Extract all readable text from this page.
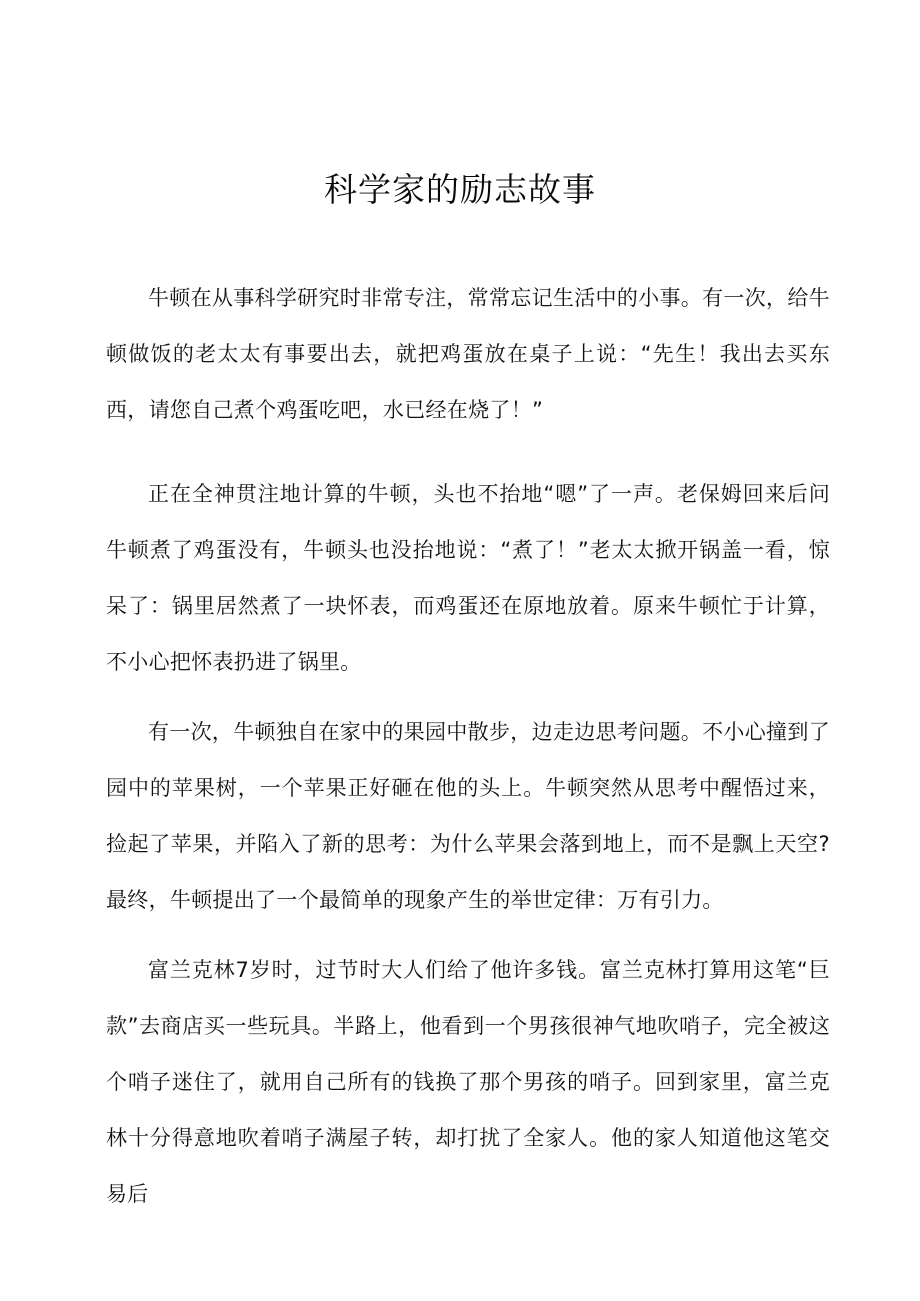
科学家的励志故事

牛顿在从事科学研究时非常专注，常常忘记生活中的小事。有一次，给牛顿做饭的老太太有事要出去，就把鸡蛋放在桌子上说：“先生！我出去买东西，请您自己煮个鸡蛋吃吧，水已经在烧了！”

正在全神贯注地计算的牛顿，头也不抬地“嗯”了一声。老保姆回来后问牛顿煮了鸡蛋没有，牛顿头也没抬地说：“煮了！”老太太掀开锅盖一看，惊呆了：锅里居然煮了一块怀表，而鸡蛋还在原地放着。原来牛顿忙于计算，不小心把怀表扔进了锅里。

有一次，牛顿独自在家中的果园中散步，边走边思考问题。不小心撞到了园中的苹果树，一个苹果正好砸在他的头上。牛顿突然从思考中醒悟过来，捡起了苹果，并陷入了新的思考：为什么苹果会落到地上，而不是飘上天空?最终，牛顿提出了一个最简单的现象产生的举世定律：万有引力。

富兰克林7岁时，过节时大人们给了他许多钱。富兰克林打算用这笔“巨款”去商店买一些玩具。半路上，他看到一个男孩很神气地吹哨子，完全被这个哨子迷住了，就用自己所有的钱换了那个男孩的哨子。回到家里，富兰克林十分得意地吹着哨子满屋子转，却打扰了全家人。他的家人知道他这笔交易后
